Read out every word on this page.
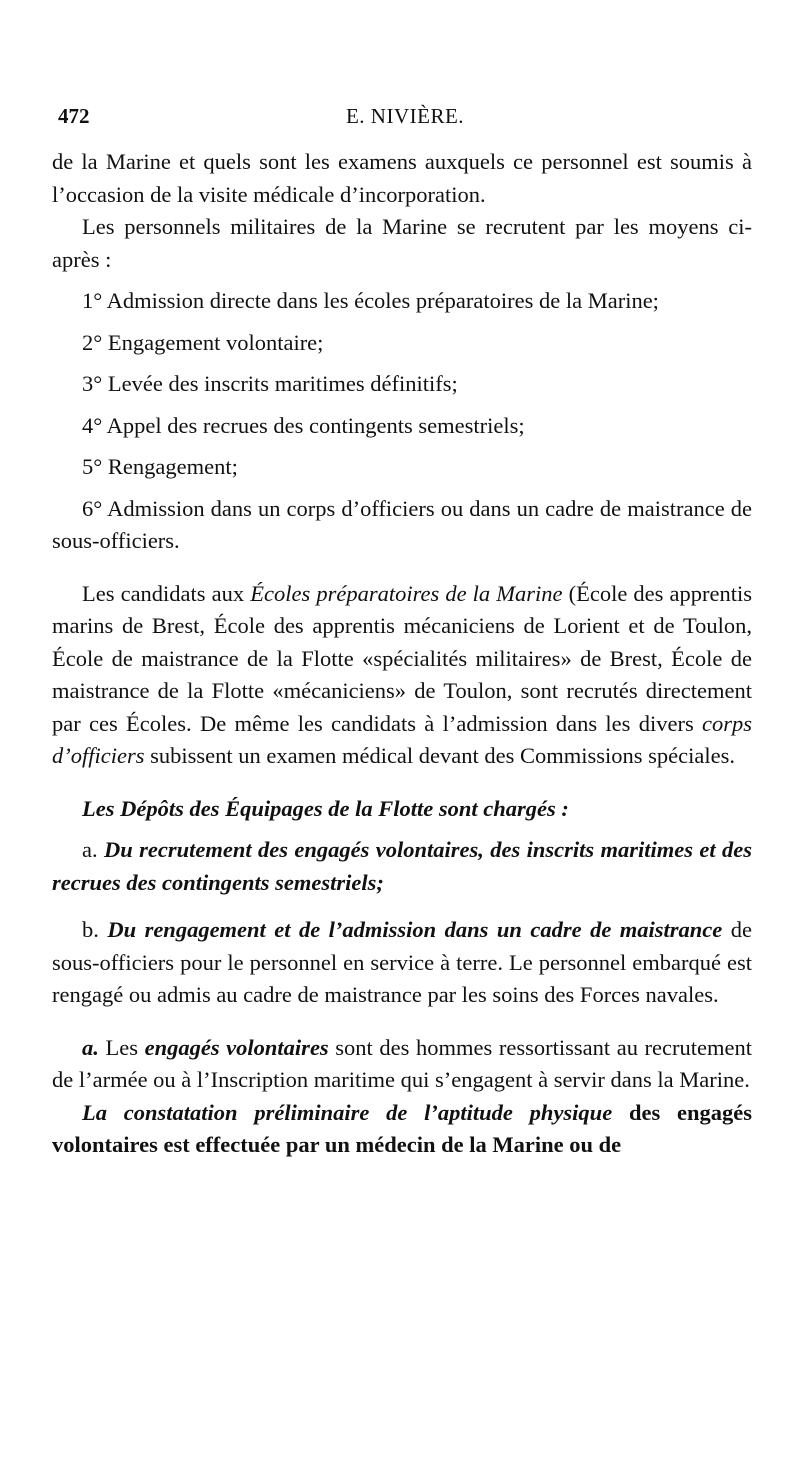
472	E. NIVIÈRE.

de la Marine et quels sont les examens auxquels ce personnel est soumis à l’occasion de la visite médicale d’incorporation.

Les personnels militaires de la Marine se recrutent par les moyens ci-après :

1° Admission directe dans les écoles préparatoires de la Marine;

2° Engagement volontaire;

3° Levée des inscrits maritimes définitifs;

4° Appel des recrues des contingents semestriels;

5° Rengagement;

6° Admission dans un corps d’officiers ou dans un cadre de maistrance de sous-officiers.

Les candidats aux Écoles préparatoires de la Marine (École des apprentis marins de Brest, École des apprentis mécaniciens de Lorient et de Toulon, École de maistrance de la Flotte «spécialités militaires» de Brest, École de maistrance de la Flotte «mécaniciens» de Toulon, sont recrutés directement par ces Écoles. De même les candidats à l’admission dans les divers corps d’officiers subissent un examen médical devant des Commissions spéciales.

Les Dépôts des Équipages de la Flotte sont chargés :

a. Du recrutement des engagés volontaires, des inscrits maritimes et des recrues des contingents semestriels;

b. Du rengagement et de l’admission dans un cadre de maistrance de sous-officiers pour le personnel en service à terre. Le personnel embarqué est rengagé ou admis au cadre de maistrance par les soins des Forces navales.

a. Les engagés volontaires sont des hommes ressortissant au recrutement de l’armée ou à l’Inscription maritime qui s’engagent à servir dans la Marine.

La constatation préliminaire de l’aptitude physique des engagés volontaires est effectuée par un médecin de la Marine ou de
